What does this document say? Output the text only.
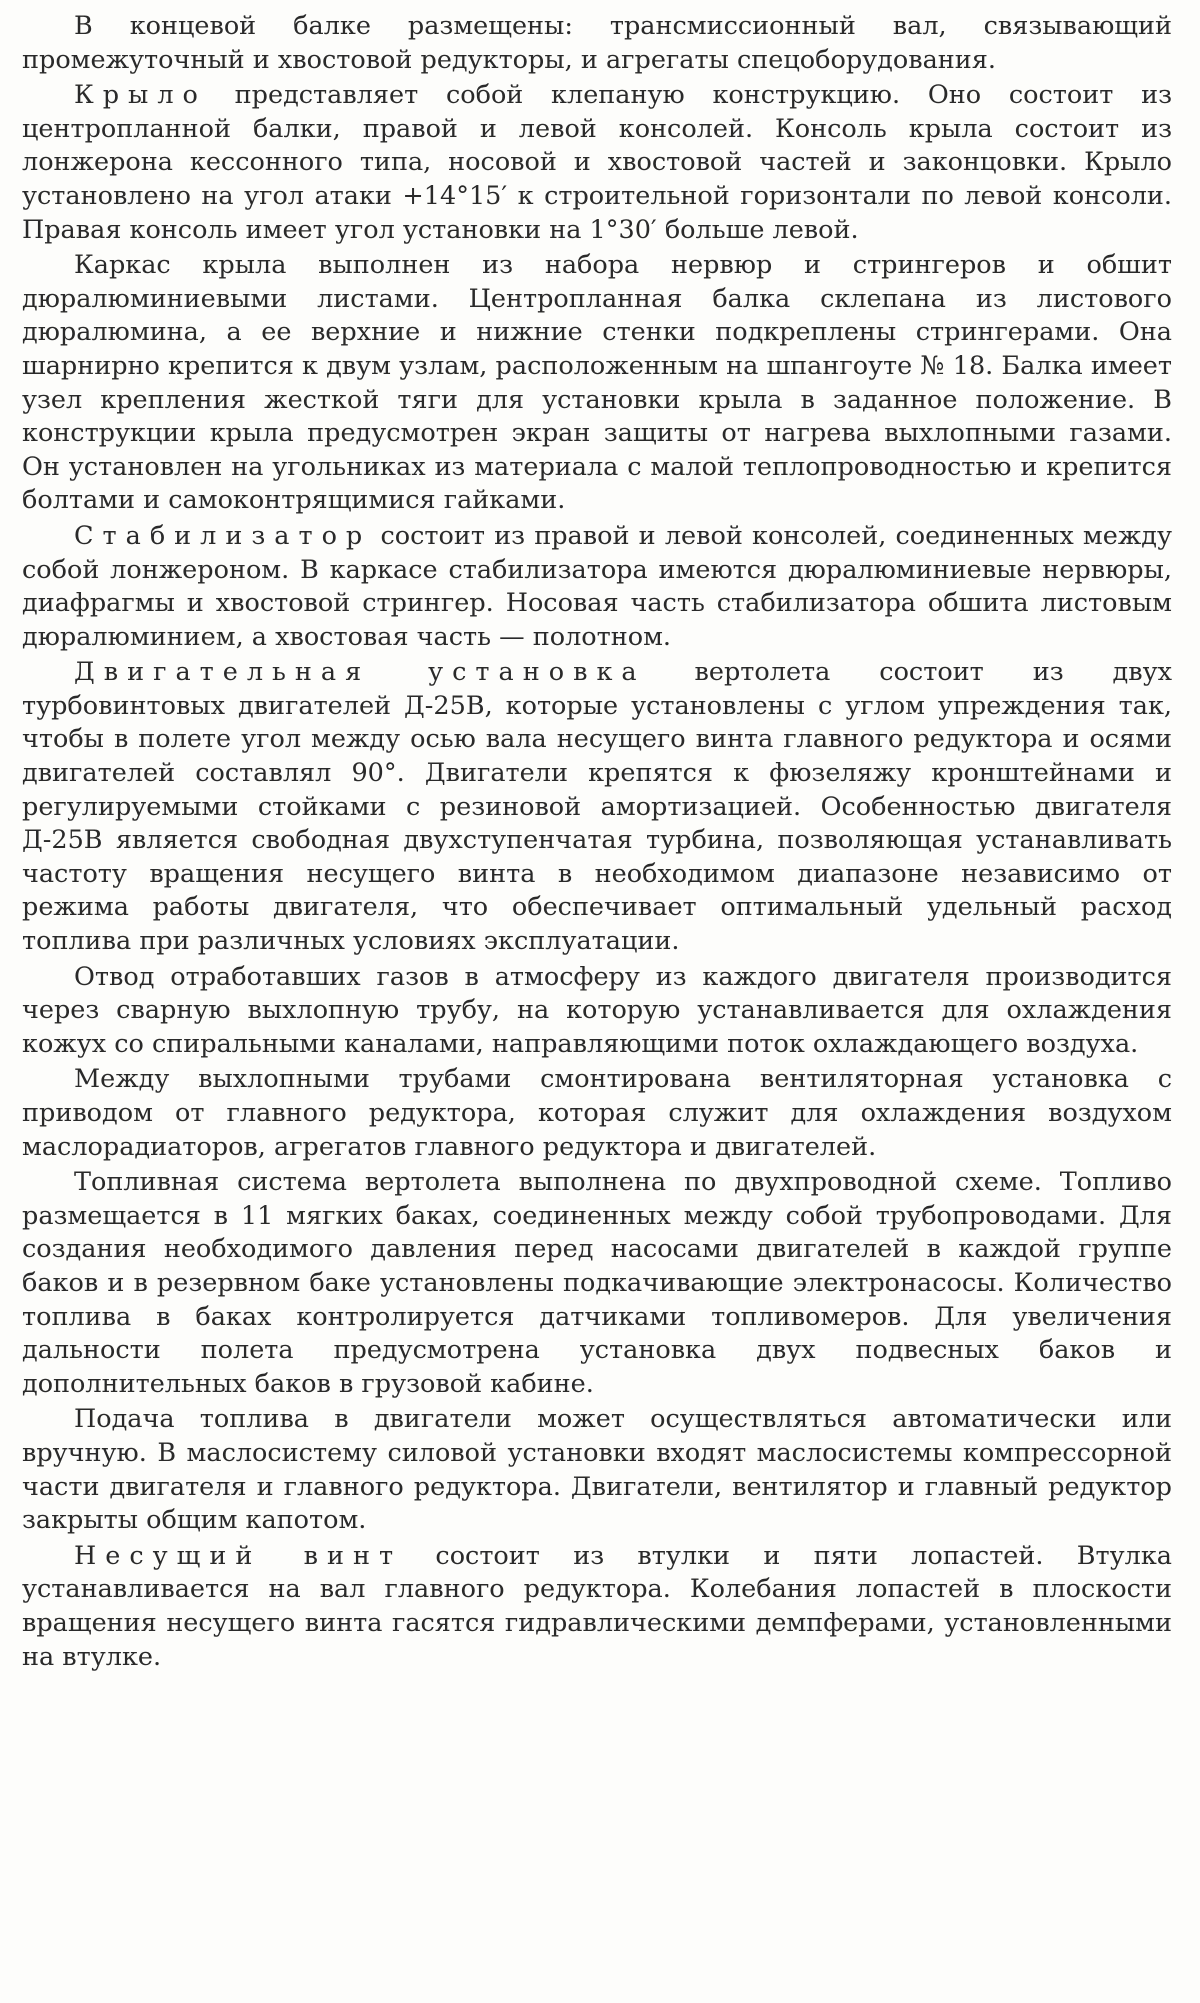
В концевой балке размещены: трансмиссионный вал, связывающий промежуточный и хвостовой редукторы, и агрегаты спецоборудования.

Крыло представляет собой клепаную конструкцию. Оно состоит из центропланной балки, правой и левой консолей. Консоль крыла состоит из лонжерона кессонного типа, носовой и хвостовой частей и законцовки. Крыло установлено на угол атаки +14°15′ к строительной горизонтали по левой консоли. Правая консоль имеет угол установки на 1°30′ больше левой.

Каркас крыла выполнен из набора нервюр и стрингеров и обшит дюралюминиевыми листами. Центропланная балка склепана из листового дюралюмина, а ее верхние и нижние стенки подкреплены стрингерами. Она шарнирно крепится к двум узлам, расположенным на шпангоуте № 18. Балка имеет узел крепления жесткой тяги для установки крыла в заданное положение. В конструкции крыла предусмотрен экран защиты от нагрева выхлопными газами. Он установлен на угольниках из материала с малой теплопроводностью и крепится болтами и самоконтрящимися гайками.

Стабилизатор состоит из правой и левой консолей, соединенных между собой лонжероном. В каркасе стабилизатора имеются дюралюминиевые нервюры, диафрагмы и хвостовой стрингер. Носовая часть стабилизатора обшита листовым дюралюминием, а хвостовая часть — полотном.

Двигательная установка вертолета состоит из двух турбовинтовых двигателей Д-25В, которые установлены с углом упреждения так, чтобы в полете угол между осью вала несущего винта главного редуктора и осями двигателей составлял 90°. Двигатели крепятся к фюзеляжу кронштейнами и регулируемыми стойками с резиновой амортизацией. Особенностью двигателя Д-25В является свободная двухступенчатая турбина, позволяющая устанавливать частоту вращения несущего винта в необходимом диапазоне независимо от режима работы двигателя, что обеспечивает оптимальный удельный расход топлива при различных условиях эксплуатации.

Отвод отработавших газов в атмосферу из каждого двигателя производится через сварную выхлопную трубу, на которую устанавливается для охлаждения кожух со спиральными каналами, направляющими поток охлаждающего воздуха.

Между выхлопными трубами смонтирована вентиляторная установка с приводом от главного редуктора, которая служит для охлаждения воздухом маслорадиаторов, агрегатов главного редуктора и двигателей.

Топливная система вертолета выполнена по двухпроводной схеме. Топливо размещается в 11 мягких баках, соединенных между собой трубопроводами. Для создания необходимого давления перед насосами двигателей в каждой группе баков и в резервном баке установлены подкачивающие электронасосы. Количество топлива в баках контролируется датчиками топливомеров. Для увеличения дальности полета предусмотрена установка двух подвесных баков и дополнительных баков в грузовой кабине.

Подача топлива в двигатели может осуществляться автоматически или вручную. В маслосистему силовой установки входят маслосистемы компрессорной части двигателя и главного редуктора. Двигатели, вентилятор и главный редуктор закрыты общим капотом.

Несущий винт состоит из втулки и пяти лопастей. Втулка устанавливается на вал главного редуктора. Колебания лопастей в плоскости вращения несущего винта гасятся гидравлическими демпферами, установленными на втулке.
